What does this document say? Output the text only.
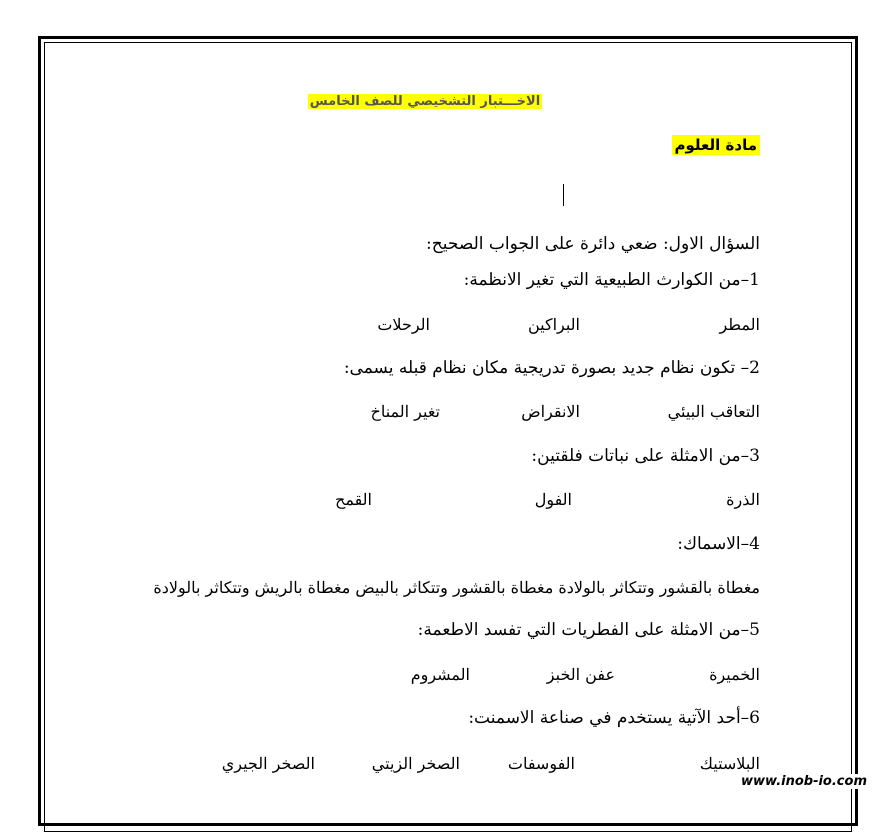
الاخـــتبار التشخيصي للصف الخامس
مادة العلوم
السؤال الاول: ضعي دائرة على الجواب الصحيح:
1–من الكوارث الطبيعية التي تغير الانظمة:
المطر
البراكين
الرحلات
2– تكون نظام جديد بصورة تدريجية مكان نظام قبله يسمى:
التعاقب البيئي
الانقراض
تغير المناخ
3–من الامثلة على نباتات فلقتين:
الذرة
الفول
القمح
4–الاسماك:
مغطاة بالقشور وتتكاثر بالولادة مغطاة بالقشور وتتكاثر بالبيض مغطاة بالريش وتتكاثر بالولادة
5–من الامثلة على الفطريات التي تفسد الاطعمة:
الخميرة
عفن الخبز
المشروم
6–أحد الآتية يستخدم في صناعة الاسمنت:
البلاستيك
الفوسفات
الصخر الزيتي
الصخر الجيري
www.inob-io.com
